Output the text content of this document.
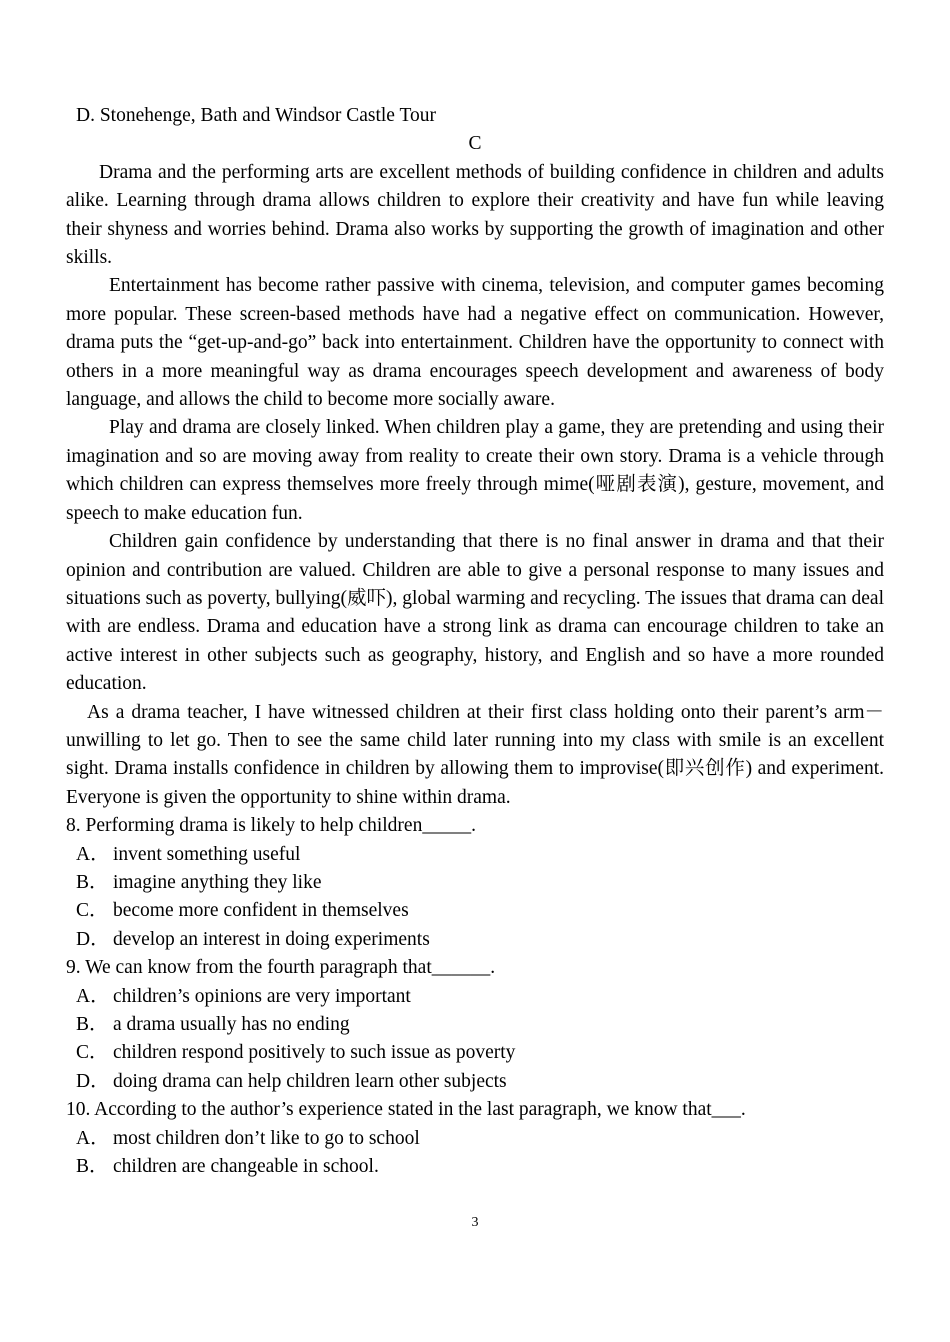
D. Stonehenge, Bath and Windsor Castle Tour

C

Drama and the performing arts are excellent methods of building confidence in children and adults alike. Learning through drama allows children to explore their creativity and have fun while leaving their shyness and worries behind. Drama also works by supporting the growth of imagination and other skills.

Entertainment has become rather passive with cinema, television, and computer games becoming more popular. These screen-based methods have had a negative effect on communication. However, drama puts the “get-up-and-go” back into entertainment. Children have the opportunity to connect with others in a more meaningful way as drama encourages speech development and awareness of body language, and allows the child to become more socially aware.

Play and drama are closely linked. When children play a game, they are pretending and using their imagination and so are moving away from reality to create their own story. Drama is a vehicle through which children can express themselves more freely through mime(哑剧表演), gesture, movement, and speech to make education fun.

Children gain confidence by understanding that there is no final answer in drama and that their opinion and contribution are valued. Children are able to give a personal response to many issues and situations such as poverty, bullying(威吓), global warming and recycling. The issues that drama can deal with are endless. Drama and education have a strong link as drama can encourage children to take an active interest in other subjects such as geography, history, and English and so have a more rounded education.

As a drama teacher, I have witnessed children at their first class holding onto their parent’s arm－unwilling to let go. Then to see the same child later running into my class with smile is an excellent sight. Drama installs confidence in children by allowing them to improvise(即兴创作) and experiment. Everyone is given the opportunity to shine within drama.

8. Performing drama is likely to help children_____.

A． invent something useful

B． imagine anything they like

C． become more confident in themselves

D． develop an interest in doing experiments

9. We can know from the fourth paragraph that______.

A． children’s opinions are very important

B． a drama usually has no ending

C． children respond positively to such issue as poverty

D． doing drama can help children learn other subjects

10. According to the author’s experience stated in the last paragraph, we know that___.

A． most children don’t like to go to school

B． children are changeable in school.

3
